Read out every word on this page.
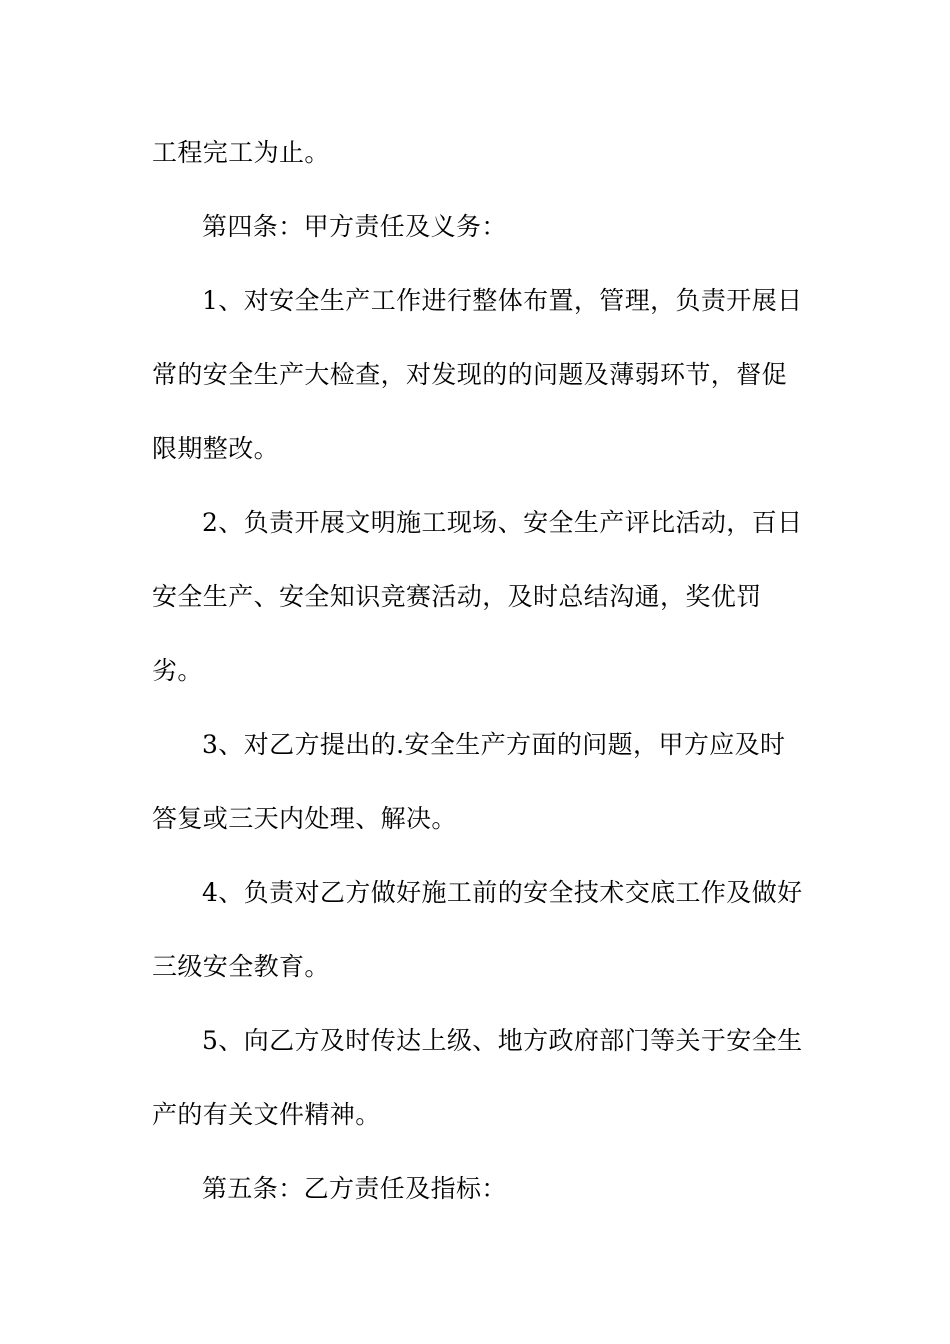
工程完工为止。
第四条：甲方责任及义务：
1、对安全生产工作进行整体布置，管理，负责开展日
常的安全生产大检查，对发现的的问题及薄弱环节，督促
限期整改。
2、负责开展文明施工现场、安全生产评比活动，百日
安全生产、安全知识竞赛活动，及时总结沟通，奖优罚
劣。
3、对乙方提出的.安全生产方面的问题，甲方应及时
答复或三天内处理、解决。
4、负责对乙方做好施工前的安全技术交底工作及做好
三级安全教育。
5、向乙方及时传达上级、地方政府部门等关于安全生
产的有关文件精神。
第五条：乙方责任及指标：
